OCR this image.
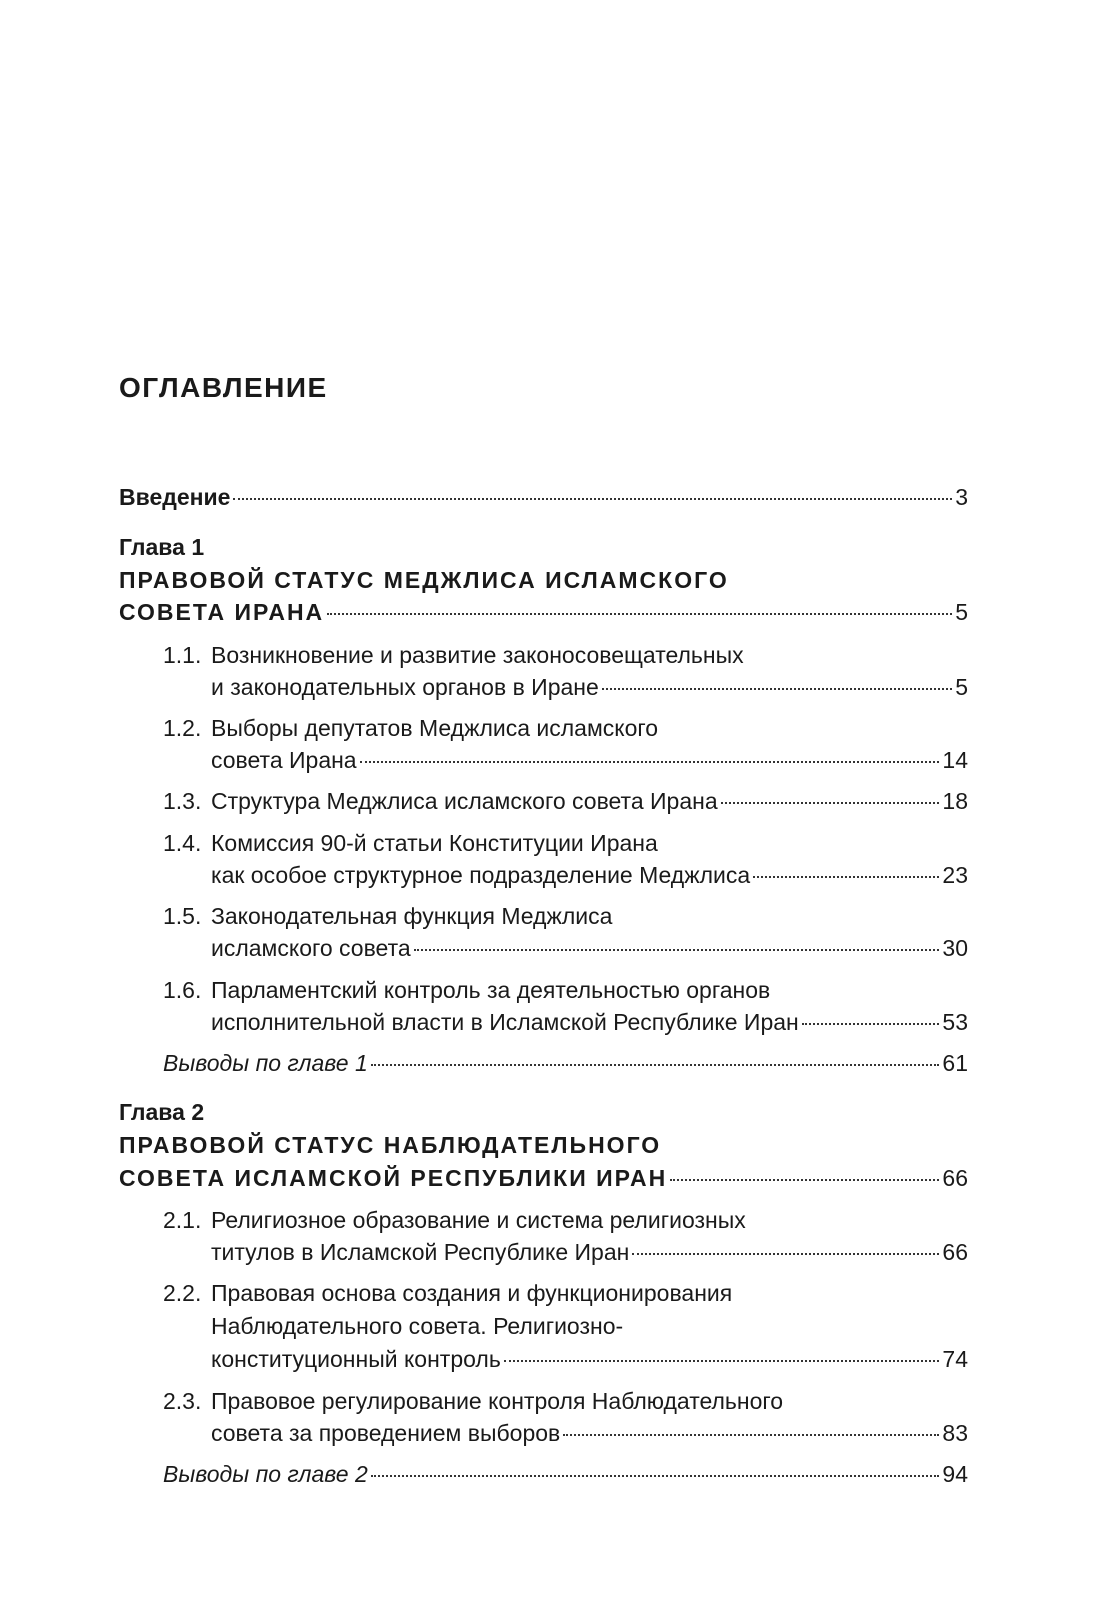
ОГЛАВЛЕНИЕ
Введение	3
Глава 1
ПРАВОВОЙ СТАТУС МЕДЖЛИСА ИСЛАМСКОГО
СОВЕТА ИРАНА	5
1.1. Возникновение и развитие законосовещательных
и законодательных органов в Иране	5
1.2. Выборы депутатов Меджлиса исламского
совета Ирана	14
1.3. Структура Меджлиса исламского совета Ирана	18
1.4. Комиссия 90-й статьи Конституции Ирана
как особое структурное подразделение Меджлиса	23
1.5. Законодательная функция Меджлиса
исламского совета	30
1.6. Парламентский контроль за деятельностью органов
исполнительной власти в Исламской Республике Иран	53
Выводы по главе 1	61
Глава 2
ПРАВОВОЙ СТАТУС НАБЛЮДАТЕЛЬНОГО
СОВЕТА ИСЛАМСКОЙ РЕСПУБЛИКИ ИРАН	66
2.1. Религиозное образование и система религиозных
титулов в Исламской Республике Иран	66
2.2. Правовая основа создания и функционирования
Наблюдательного совета. Религиозно-
конституционный контроль	74
2.3. Правовое регулирование контроля Наблюдательного
совета за проведением выборов	83
Выводы по главе 2	94
